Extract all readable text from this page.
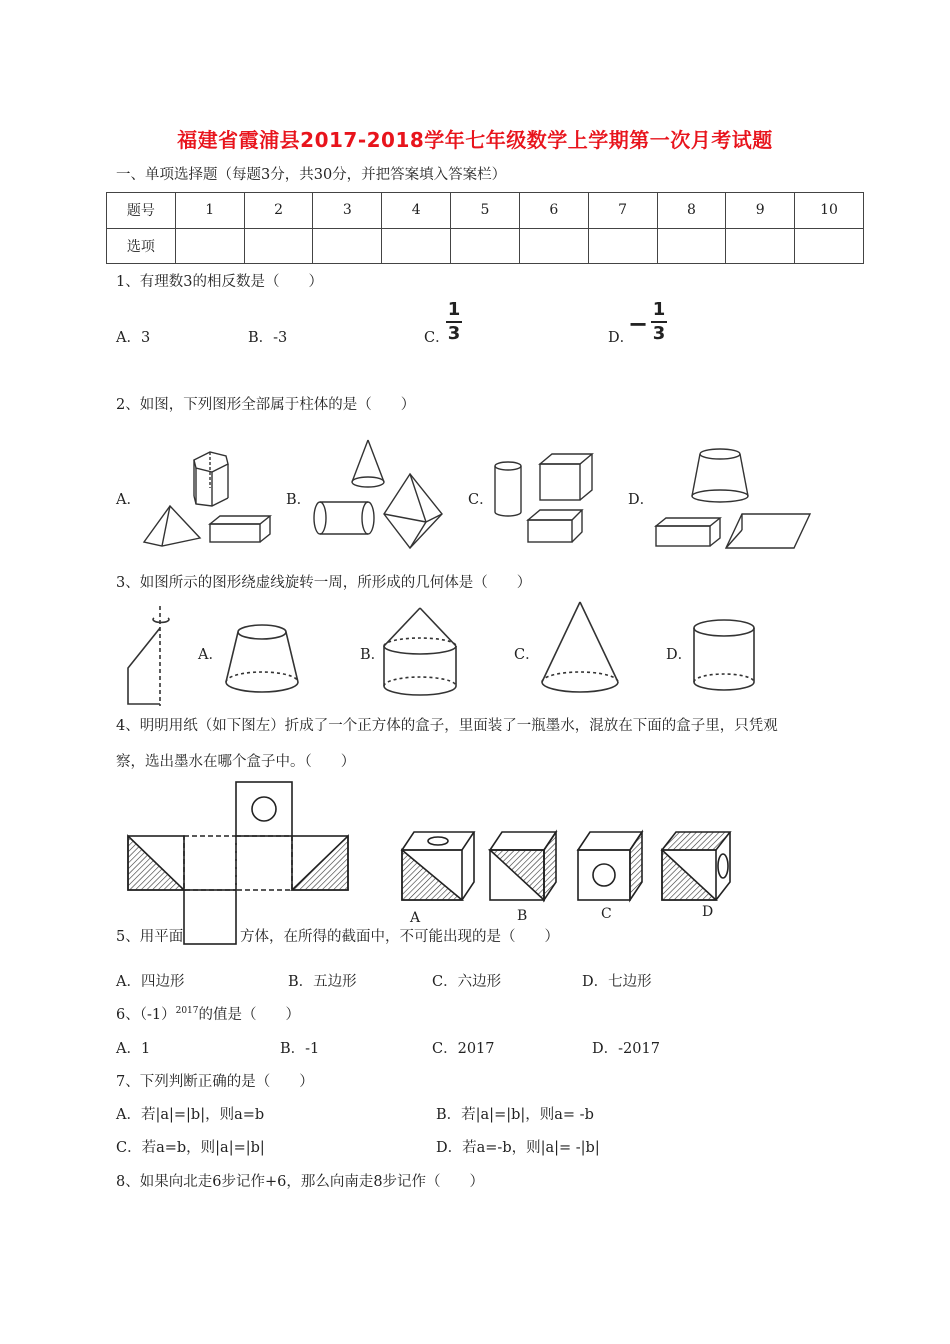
福建省霞浦县2017-2018学年七年级数学上学期第一次月考试题
一、单项选择题（每题3分，共30分，并把答案填入答案栏）
题号	1	2	3	4	5	6	7	8	9	10
选项										
1、有理数3的相反数是（　　）
A．3	B．-3	C．
1
3	D．
−
1
3
2、如图，下列图形全部属于柱体的是（　　）
A．	B．	C．	D．
3、如图所示的图形绕虚线旋转一周，所形成的几何体是（　　）
A．	B．	C．	D．
4、明明用纸（如下图左）折成了一个正方体的盒子，里面装了一瓶墨水，混放在下面的盒子里，只凭观
察，选出墨水在哪个盒子中。（　　）
A	B	C	D
5、用平面	方体，在所得的截面中，不可能出现的是（　　）
A．四边形	B．五边形	C．六边形	D．七边形
6、$(-1)^{2017}$的值是（　　）
A．1	B．-1	C．2017	D．-2017
7、下列判断正确的是（　　）
A．若|a|=|b|，则a=b	B．若|a|=|b|，则a= -b
C．若a=b，则|a|=|b|	D．若a=-b，则|a|= -|b|
8、如果向北走6步记作+6，那么向南走8步记作（　　）
